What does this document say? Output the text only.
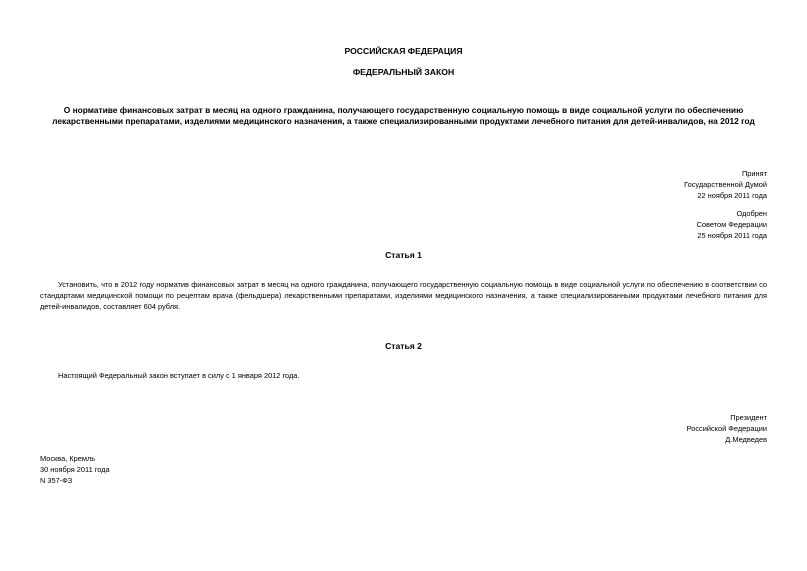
РОССИЙСКАЯ ФЕДЕРАЦИЯ
ФЕДЕРАЛЬНЫЙ ЗАКОН
О нормативе финансовых затрат в месяц на одного гражданина, получающего государственную социальную помощь в виде социальной услуги по обеспечению лекарственными препаратами, изделиями медицинского назначения, а также специализированными продуктами лечебного питания для детей-инвалидов, на 2012 год
Принят
Государственной Думой
22 ноября 2011 года
Одобрен
Советом Федерации
25 ноября 2011 года
Статья 1
Установить, что в 2012 году норматив финансовых затрат в месяц на одного гражданина, получающего государственную социальную помощь в виде социальной услуги по обеспечению в соответствии со стандартами медицинской помощи по рецептам врача (фельдшера) лекарственными препаратами, изделиями медицинского назначения, а также специализированными продуктами лечебного питания для детей-инвалидов, составляет 604 рубля.
Статья 2
Настоящий Федеральный закон вступает в силу с 1 января 2012 года.
Президент
Российской Федерации
Д.Медведев
Москва, Кремль
30 ноября 2011 года
N 357-ФЗ
